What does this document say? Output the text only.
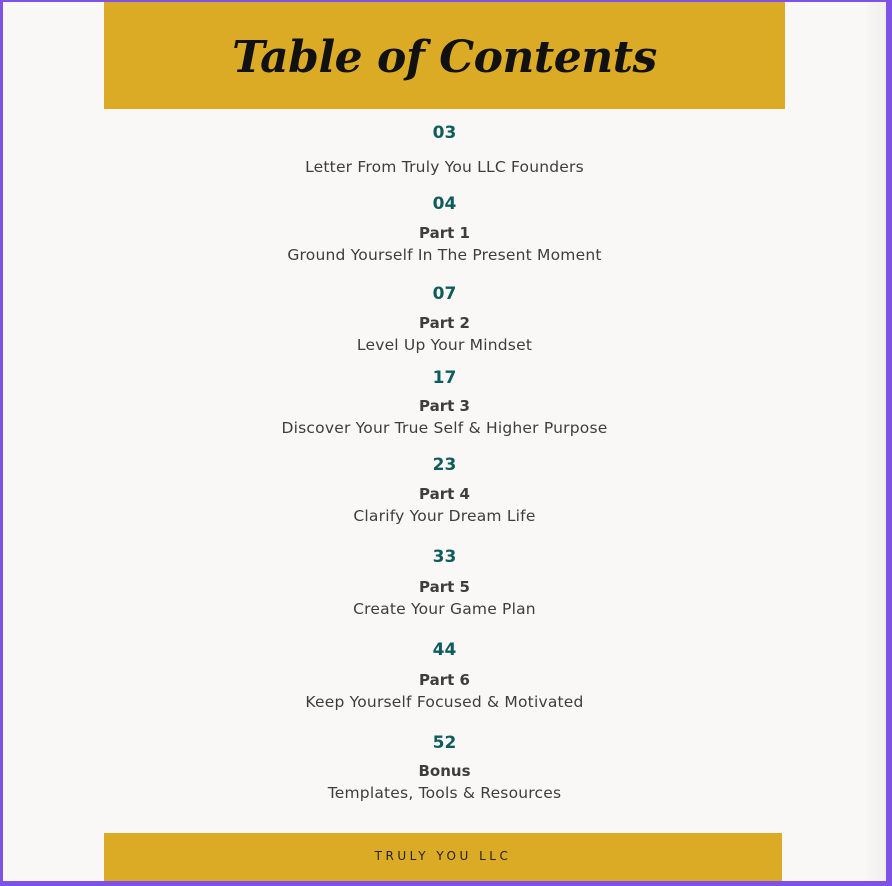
Table of Contents
03
Letter From Truly You LLC Founders
04
Part 1
Ground Yourself In The Present Moment
07
Part 2
Level Up Your Mindset
17
Part 3
Discover Your True Self & Higher Purpose
23
Part 4
Clarify Your Dream Life
33
Part 5
Create Your Game Plan
44
Part 6
Keep Yourself Focused & Motivated
52
Bonus
Templates, Tools & Resources
TRULY YOU LLC
